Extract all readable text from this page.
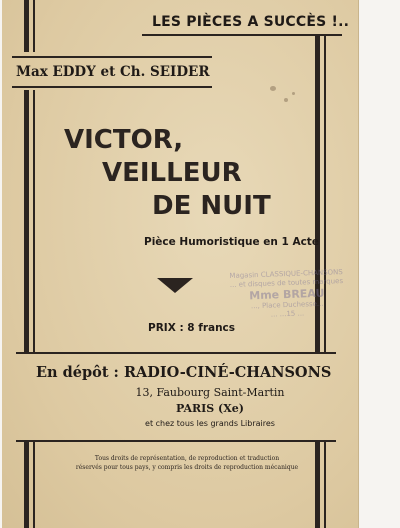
LES PIÈCES A SUCCÈS !..
Max EDDY et Ch. SEIDER
VICTOR,
VEILLEUR
DE NUIT
Pièce Humoristique en 1 Acte
PRIX : 8 francs
Magasin CLASSIQUE-CHANSONS
... et disques de toutes marques
Mme BREAU
..., Place Duchesse...
... ...15 ...
En dépôt : RADIO-CINÉ-CHANSONS
13, Faubourg Saint-Martin
PARIS (Xe)
et chez tous les grands Libraires
Tous droits de représentation, de reproduction et traduction
réservés pour tous pays, y compris les droits de reproduction mécanique
